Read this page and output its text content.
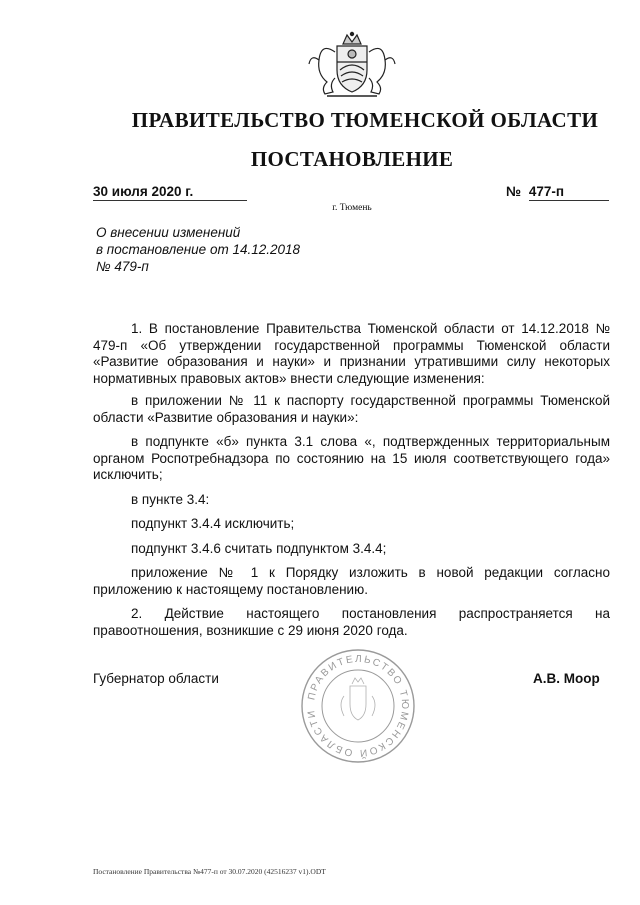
ПРАВИТЕЛЬСТВО ТЮМЕНСКОЙ ОБЛАСТИ
ПОСТАНОВЛЕНИЕ
30 июля 2020 г.	№ 477-п
г. Тюмень
О внесении изменений
в постановление от 14.12.2018
№ 479-п

1. В постановление Правительства Тюменской области от 14.12.2018 № 479-п «Об утверждении государственной программы Тюменской области «Развитие образования и науки» и признании утратившими силу некоторых нормативных правовых актов» внести следующие изменения:

в приложении № 11 к паспорту государственной программы Тюменской области «Развитие образования и науки»:

в подпункте «б» пункта 3.1 слова «, подтвержденных территориальным органом Роспотребнадзора по состоянию на 15 июля соответствующего года» исключить;

в пункте 3.4:

подпункт 3.4.4 исключить;

подпункт 3.4.6 считать подпунктом 3.4.4;

приложение № 1 к Порядку изложить в новой редакции согласно приложению к настоящему постановлению.

2. Действие настоящего постановления распространяется на правоотношения, возникшие с 29 июня 2020 года.

ПРАВИТЕЛЬСТВО ТЮМЕНСКОЙ ОБЛАСТИ
Губернатор области	А.В. Моор
Постановление Правительства №477-п от 30.07.2020 (42516237 v1).ODT
